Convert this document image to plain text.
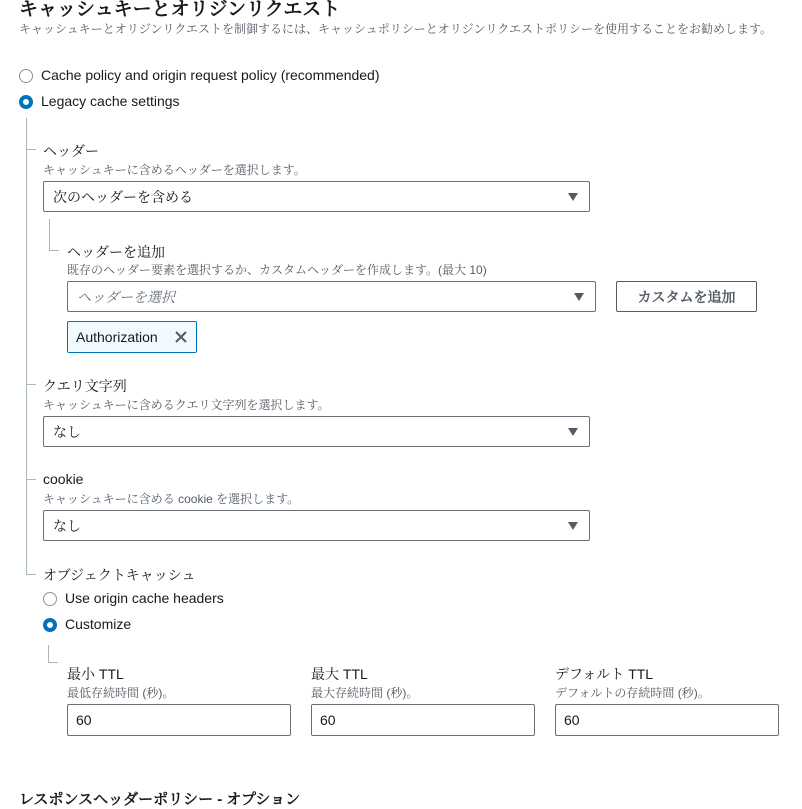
キャッシュキーとオリジンリクエスト
キャッシュキーとオリジンリクエストを制御するには、キャッシュポリシーとオリジンリクエストポリシーを使用することをお勧めします。
Cache policy and origin request policy (recommended)
Legacy cache settings
ヘッダー
キャッシュキーに含めるヘッダーを選択します。
次のヘッダーを含める
ヘッダーを追加
既存のヘッダー要素を選択するか、カスタムヘッダーを作成します。(最大 10)
ヘッダーを選択	カスタムを追加
Authorization
クエリ文字列
キャッシュキーに含めるクエリ文字列を選択します。
なし
cookie
キャッシュキーに含める cookie を選択します。
なし
オブジェクトキャッシュ
Use origin cache headers
Customize
最小 TTL
最低存続時間 (秒)。
60
最大 TTL
最大存続時間 (秒)。
60
デフォルト TTL
デフォルトの存続時間 (秒)。
60
レスポンスヘッダーポリシー - オプション
